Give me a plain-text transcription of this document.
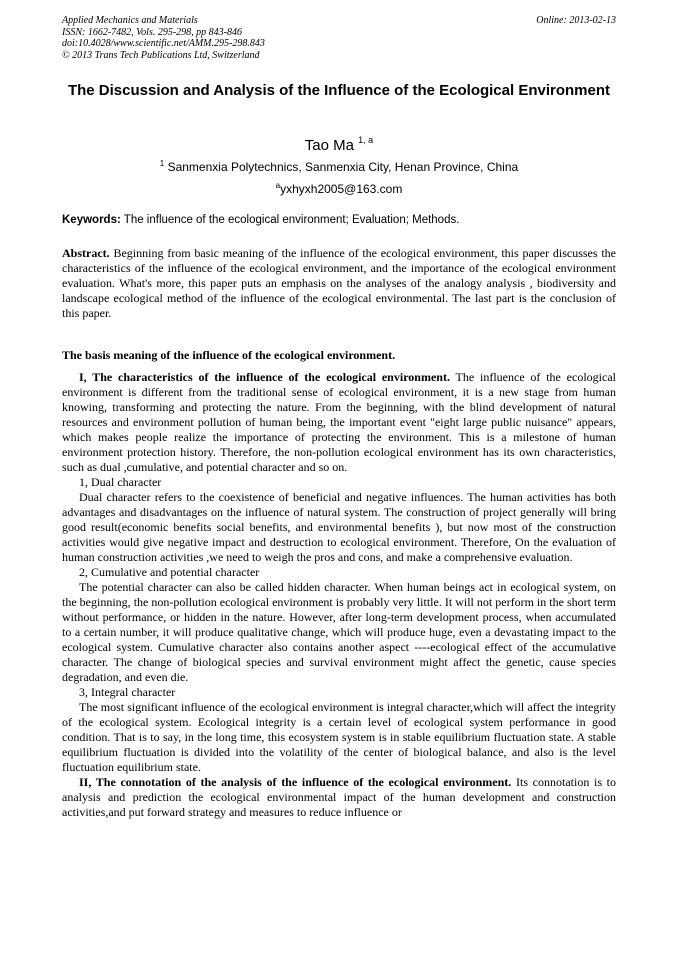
Applied Mechanics and Materials
ISSN: 1662-7482, Vols. 295-298, pp 843-846
doi:10.4028/www.scientific.net/AMM.295-298.843
© 2013 Trans Tech Publications Ltd, Switzerland
Online: 2013-02-13
The Discussion and Analysis of the Influence of the Ecological Environment
Tao Ma $^{1, a}$
$^1$ Sanmenxia Polytechnics, Sanmenxia City, Henan Province, China
$^a$yxhyxh2005@163.com
Keywords: The influence of the ecological environment; Evaluation; Methods.
Abstract. Beginning from basic meaning of the influence of the ecological environment, this paper discusses the characteristics of the influence of the ecological environment, and the importance of the ecological environment evaluation. What's more, this paper puts an emphasis on the analyses of the analogy analysis , biodiversity and landscape ecological method of the influence of the ecological environmental. The last part is the conclusion of this paper.
The basis meaning of the influence of the ecological environment.

I, The characteristics of the influence of the ecological environment. The influence of the ecological environment is different from the traditional sense of ecological environment, it is a new stage from human knowing, transforming and protecting the nature. From the beginning, with the blind development of natural resources and environment pollution of human being, the important event "eight large public nuisance" appears, which makes people realize the importance of protecting the environment. This is a milestone of human environment protection history. Therefore, the non-pollution ecological environment has its own characteristics, such as dual ,cumulative, and potential character and so on.

1, Dual character

Dual character refers to the coexistence of beneficial and negative influences. The human activities has both advantages and disadvantages on the influence of natural system. The construction of project generally will bring good result(economic benefits social benefits, and environmental benefits ), but now most of the construction activities would give negative impact and destruction to ecological environment. Therefore, On the evaluation of human construction activities ,we need to weigh the pros and cons, and make a comprehensive evaluation.

2, Cumulative and potential character

The potential character can also be called hidden character. When human beings act in ecological system, on the beginning, the non-pollution ecological environment is probably very little. It will not perform in the short term without performance, or hidden in the nature. However, after long-term development process, when accumulated to a certain number, it will produce qualitative change, which will produce huge, even a devastating impact to the ecological system. Cumulative character also contains another aspect ----ecological effect of the accumulative character. The change of biological species and survival environment might affect the genetic, cause species degradation, and even die.

3, Integral character

The most significant influence of the ecological environment is integral character,which will affect the integrity of the ecological system. Ecological integrity is a certain level of ecological system performance in good condition. That is to say, in the long time, this ecosystem system is in stable equilibrium fluctuation state. A stable equilibrium fluctuation is divided into the volatility of the center of biological balance, and also is the level fluctuation equilibrium state.

II, The connotation of the analysis of the influence of the ecological environment. Its connotation is to analysis and prediction the ecological environmental impact of the human development and construction activities,and put forward strategy and measures to reduce influence or
